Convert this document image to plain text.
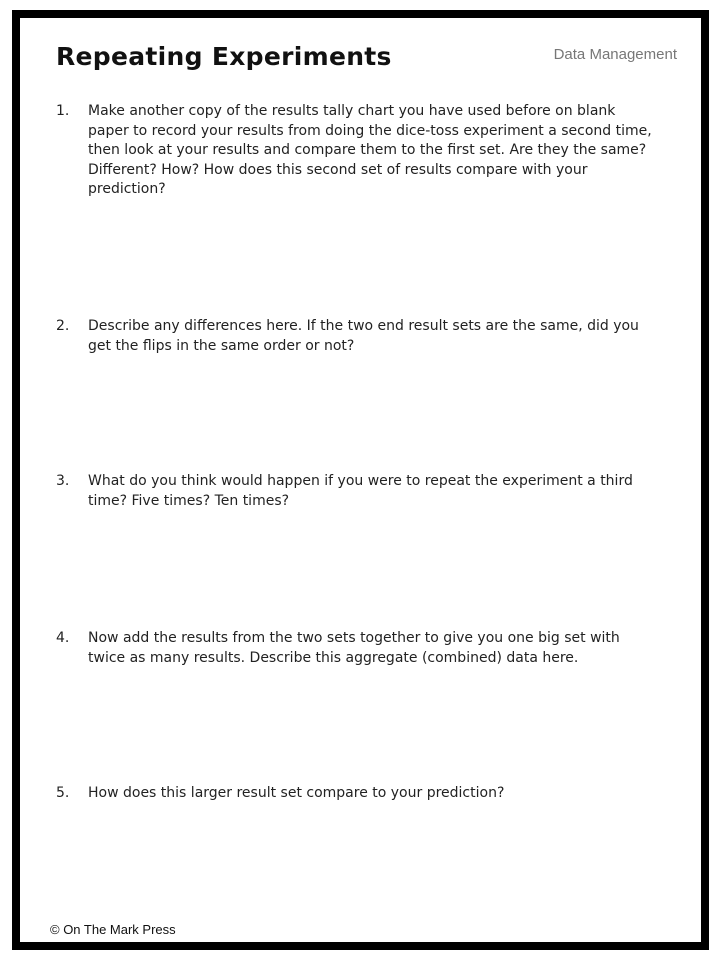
Repeating Experiments	Data Management
1. Make another copy of the results tally chart you have used before on blank paper to record your results from doing the dice-toss experiment a second time, then look at your results and compare them to the first set. Are they the same? Different? How? How does this second set of results compare with your prediction?
2. Describe any differences here. If the two end result sets are the same, did you get the flips in the same order or not?
3. What do you think would happen if you were to repeat the experiment a third time? Five times? Ten times?
4. Now add the results from the two sets together to give you one big set with twice as many results. Describe this aggregate (combined) data here.
5. How does this larger result set compare to your prediction?
© On The Mark Press
